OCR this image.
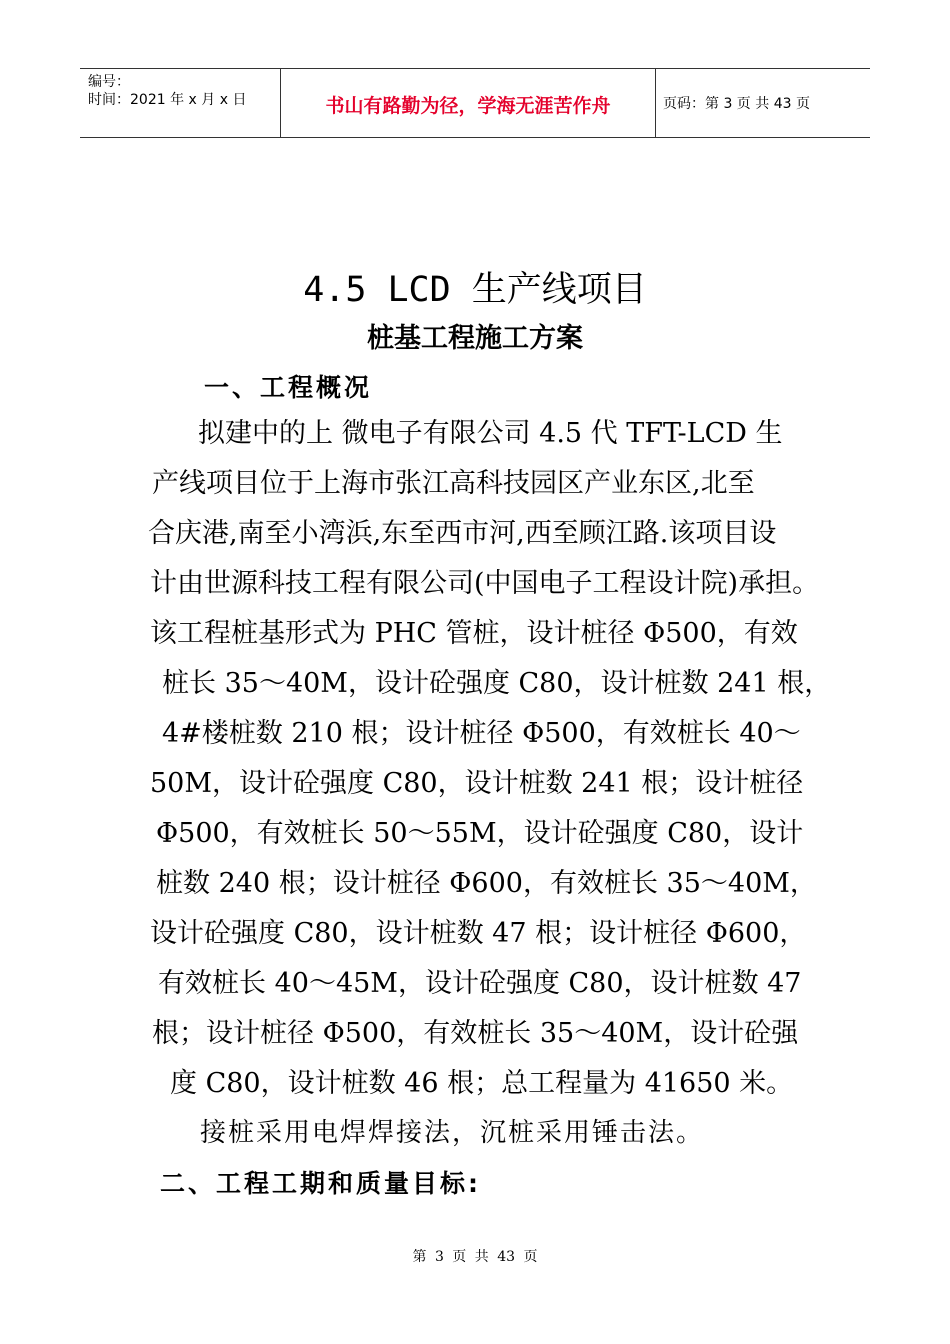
编号：
时间：2021 年 x 月 x 日	书山有路勤为径，学海无涯苦作舟	页码：第 3 页 共 43 页
4.5 LCD 生产线项目
桩基工程施工方案
一、工程概况
拟建中的上 微电子有限公司 4.5 代 TFT-LCD 生
产线项目位于上海市张江高科技园区产业东区,北至
合庆港,南至小湾浜,东至西市河,西至顾江路.该项目设
计由世源科技工程有限公司(中国电子工程设计院)承担。
该工程桩基形式为 PHC 管桩，设计桩径 Φ500，有效
桩长 35～40M，设计砼强度 C80，设计桩数 241 根，
4#楼桩数 210 根；设计桩径 Φ500，有效桩长 40～
50M，设计砼强度 C80，设计桩数 241 根；设计桩径
Φ500，有效桩长 50～55M，设计砼强度 C80，设计
桩数 240 根；设计桩径 Φ600，有效桩长 35～40M，
设计砼强度 C80，设计桩数 47 根；设计桩径 Φ600，
有效桩长 40～45M，设计砼强度 C80，设计桩数 47
根；设计桩径 Φ500，有效桩长 35～40M，设计砼强
度 C80，设计桩数 46 根；总工程量为 41650 米。
接桩采用电焊焊接法，沉桩采用锤击法。
二、工程工期和质量目标:
第 3 页 共 43 页
